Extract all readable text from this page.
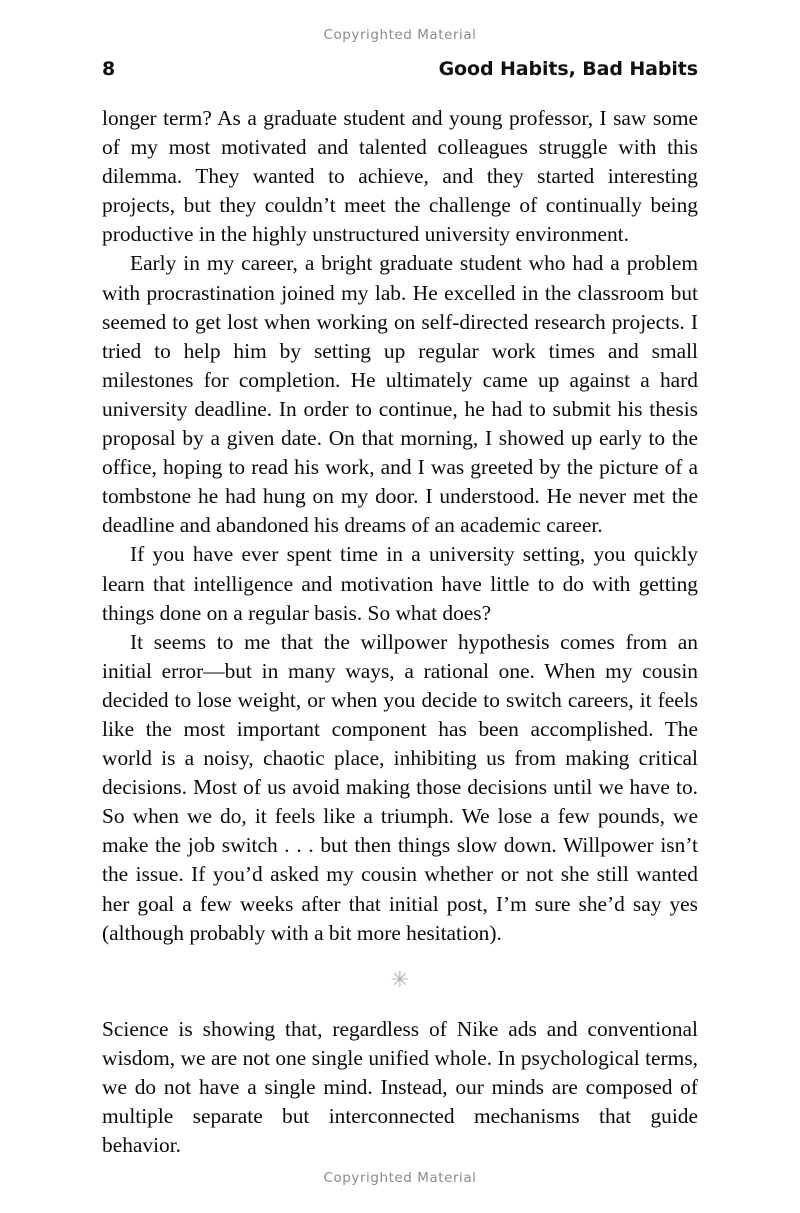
Copyrighted Material
8	Good Habits, Bad Habits

longer term? As a graduate student and young professor, I saw some of my most motivated and talented colleagues struggle with this dilemma. They wanted to achieve, and they started interesting projects, but they couldn’t meet the challenge of continually being productive in the highly unstructured university environment.

Early in my career, a bright graduate student who had a problem with procrastination joined my lab. He excelled in the classroom but seemed to get lost when working on self-directed research projects. I tried to help him by setting up regular work times and small milestones for completion. He ultimately came up against a hard university deadline. In order to continue, he had to submit his thesis proposal by a given date. On that morning, I showed up early to the office, hoping to read his work, and I was greeted by the picture of a tombstone he had hung on my door. I understood. He never met the deadline and abandoned his dreams of an academic career.

If you have ever spent time in a university setting, you quickly learn that intelligence and motivation have little to do with getting things done on a regular basis. So what does?

It seems to me that the willpower hypothesis comes from an initial error—but in many ways, a rational one. When my cousin decided to lose weight, or when you decide to switch careers, it feels like the most important component has been accomplished. The world is a noisy, chaotic place, inhibiting us from making critical decisions. Most of us avoid making those decisions until we have to. So when we do, it feels like a triumph. We lose a few pounds, we make the job switch . . . but then things slow down. Willpower isn’t the issue. If you’d asked my cousin whether or not she still wanted her goal a few weeks after that initial post, I’m sure she’d say yes (although probably with a bit more hesitation).

✳

Science is showing that, regardless of Nike ads and conventional wisdom, we are not one single unified whole. In psychological terms, we do not have a single mind. Instead, our minds are composed of multiple separate but interconnected mechanisms that guide behavior.

Copyrighted Material
